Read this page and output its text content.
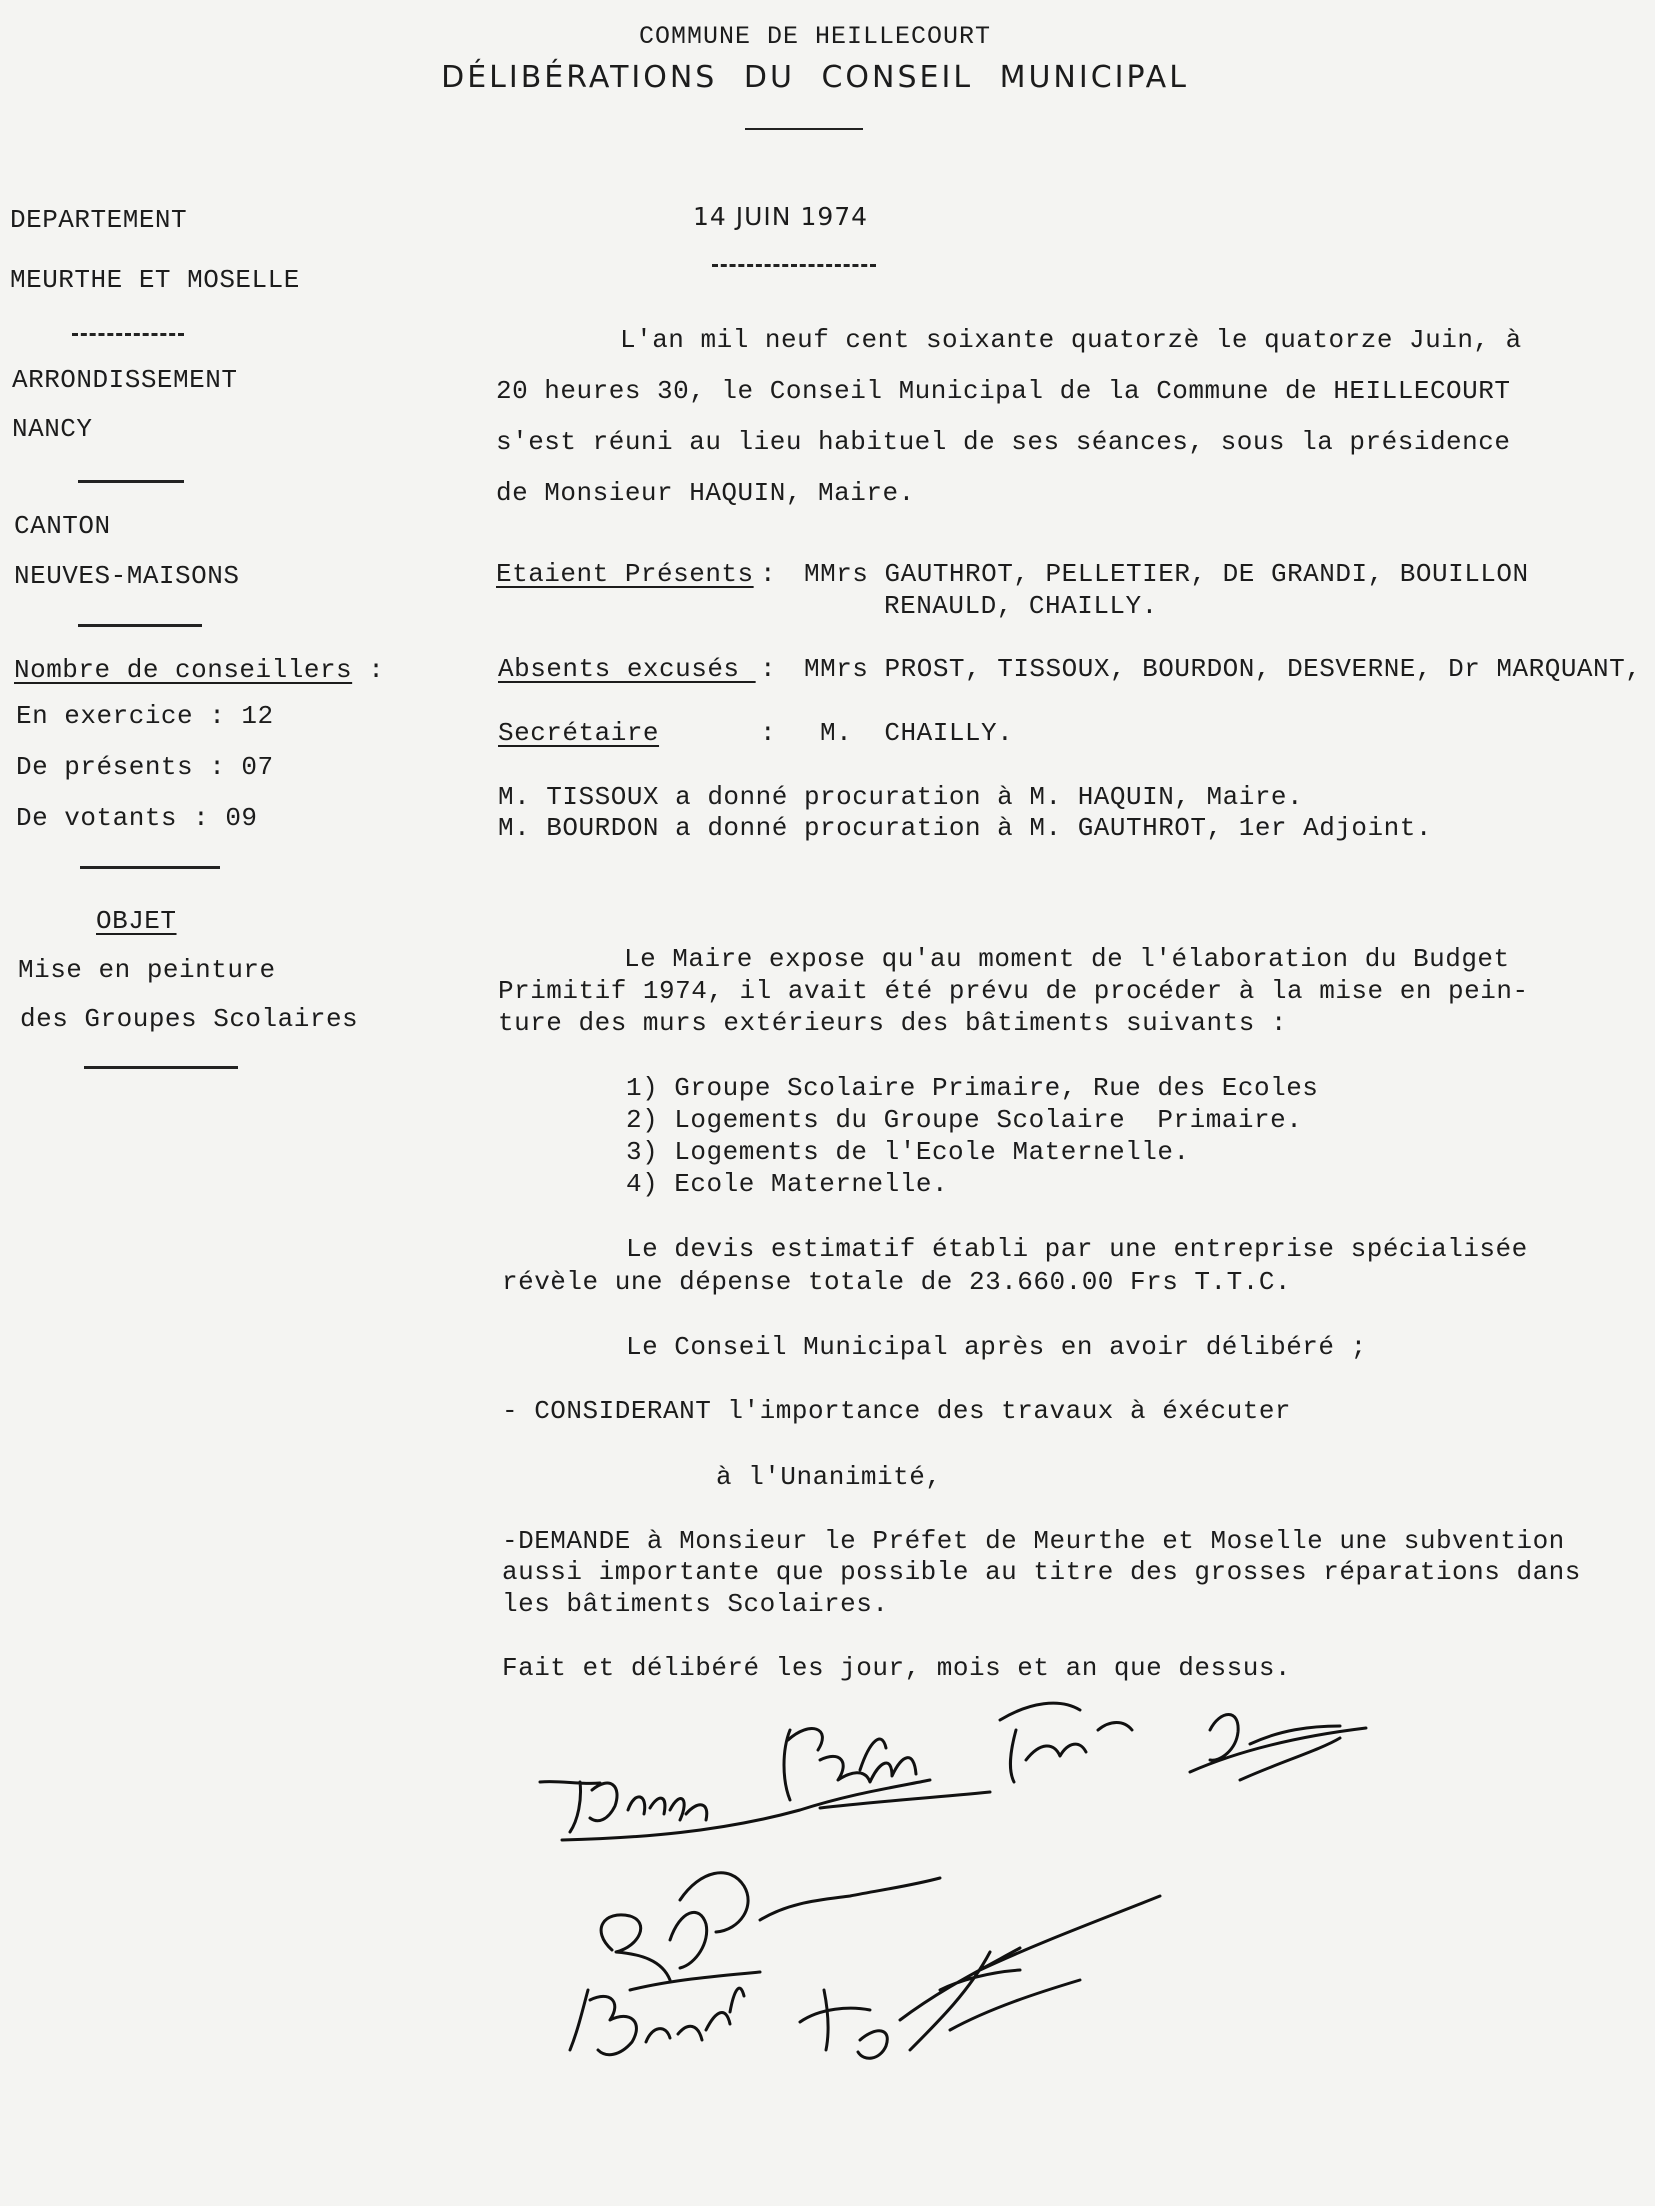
COMMUNE DE HEILLECOURT
DÉLIBÉRATIONS DU CONSEIL MUNICIPAL
DEPARTEMENT
MEURTHE ET MOSELLE
ARRONDISSEMENT
NANCY
CANTON
NEUVES-MAISONS
Nombre de conseillers :
En exercice : 12
De présents : 07
De votants : 09
OBJET
Mise en peinture
des Groupes Scolaires
14 JUIN 1974
L'an mil neuf cent soixante quatorzè le quatorze Juin, à
20 heures 30, le Conseil Municipal de la Commune de HEILLECOURT
s'est réuni au lieu habituel de ses séances, sous la présidence
de Monsieur HAQUIN, Maire.
Etaient Présents : MMrs GAUTHROT, PELLETIER, DE GRANDI, BOUILLON
RENAULD, CHAILLY.
Absents excusés : MMrs PROST, TISSOUX, BOURDON, DESVERNE, Dr MARQUANT,
Secrétaire	: M.  CHAILLY.
M. TISSOUX a donné procuration à M. HAQUIN, Maire.
M. BOURDON a donné procuration à M. GAUTHROT, 1er Adjoint.
Le Maire expose qu'au moment de l'élaboration du Budget
Primitif 1974, il avait été prévu de procéder à la mise en pein-
ture des murs extérieurs des bâtiments suivants :
1) Groupe Scolaire Primaire, Rue des Ecoles
2) Logements du Groupe Scolaire  Primaire.
3) Logements de l'Ecole Maternelle.
4) Ecole Maternelle.
Le devis estimatif établi par une entreprise spécialisée
révèle une dépense totale de 23.660.00 Frs T.T.C.
Le Conseil Municipal après en avoir délibéré ;
- CONSIDERANT l'importance des travaux à éxécuter
à l'Unanimité,
-DEMANDE à Monsieur le Préfet de Meurthe et Moselle une subvention
aussi importante que possible au titre des grosses réparations dans
les bâtiments Scolaires.
Fait et délibéré les jour, mois et an que dessus.
